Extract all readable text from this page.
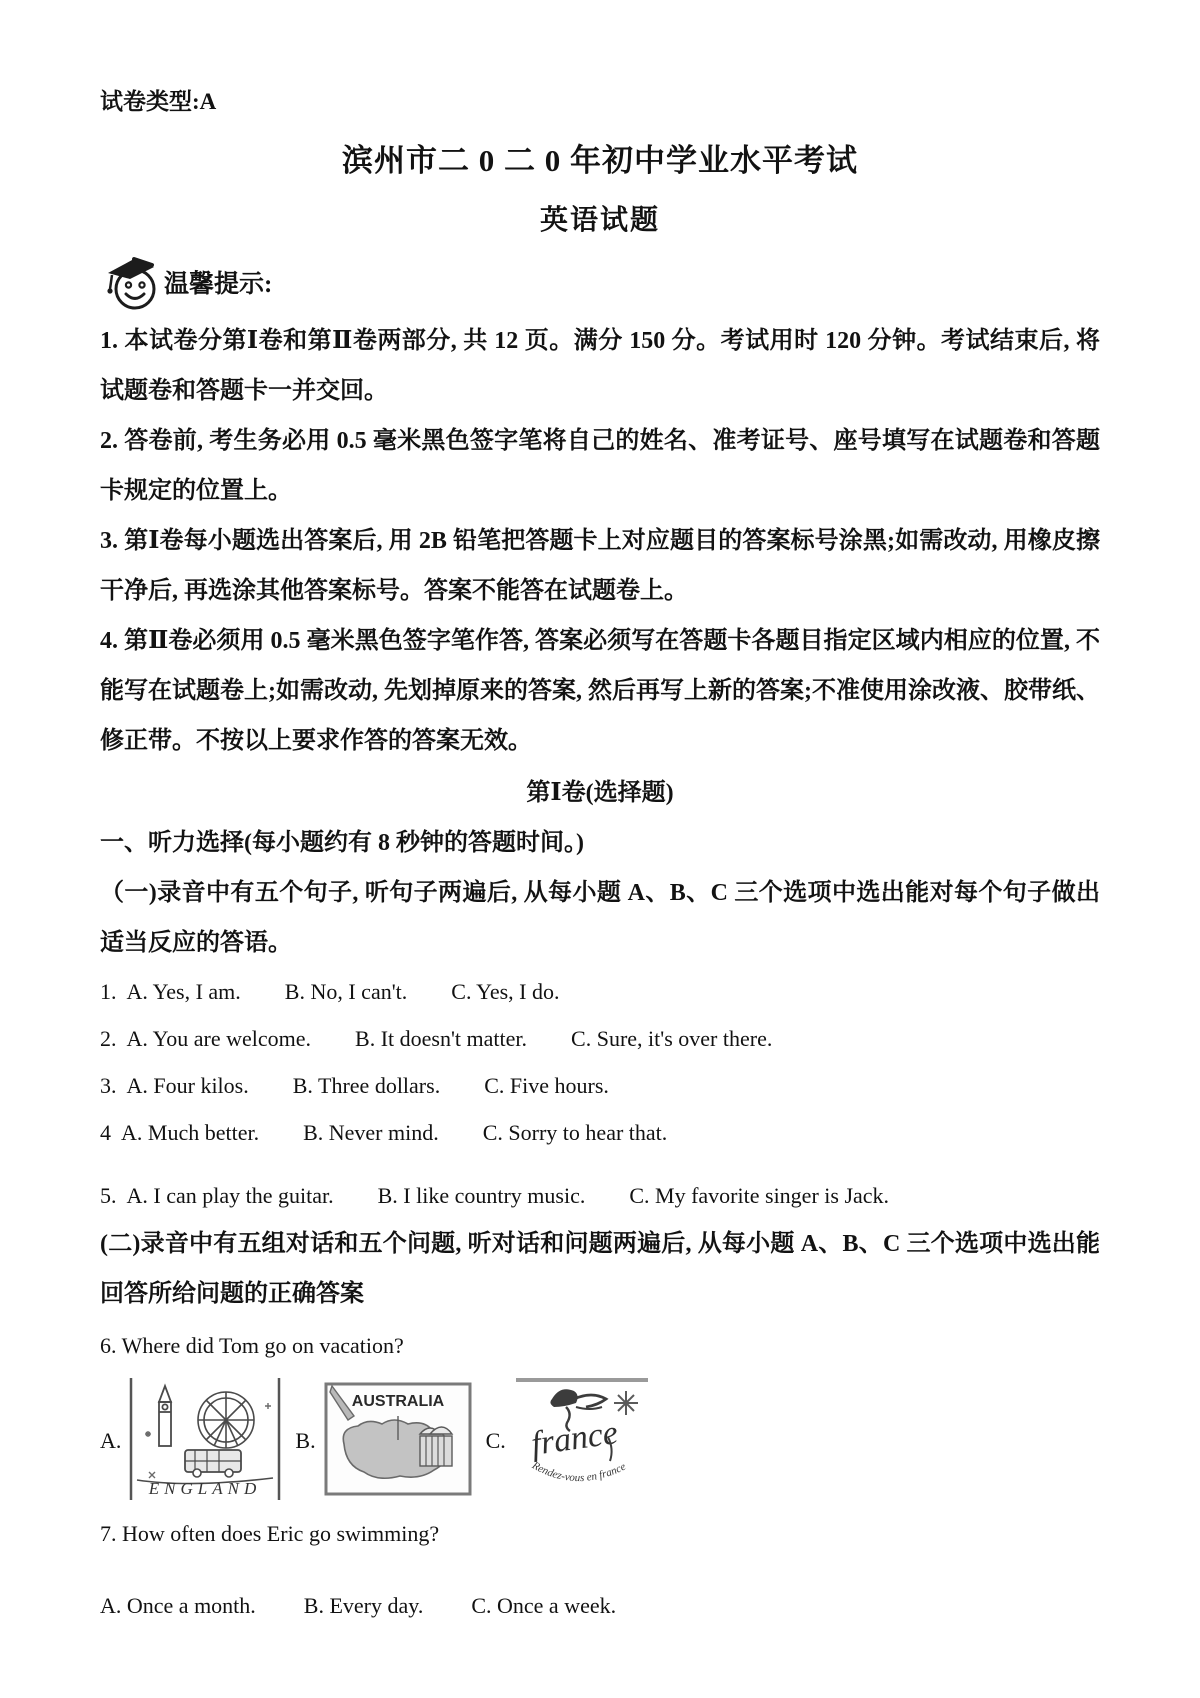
试卷类型:A
滨州市二 0 二 0 年初中学业水平考试
英语试题
温馨提示:

1. 本试卷分第Ⅰ卷和第Ⅱ卷两部分, 共 12 页。满分 150 分。考试用时 120 分钟。考试结束后, 将试题卷和答题卡一并交回。

2. 答卷前, 考生务必用 0.5 毫米黑色签字笔将自己的姓名、准考证号、座号填写在试题卷和答题卡规定的位置上。

3. 第Ⅰ卷每小题选出答案后, 用 2B 铅笔把答题卡上对应题目的答案标号涂黑;如需改动, 用橡皮擦干净后, 再选涂其他答案标号。答案不能答在试题卷上。

4. 第Ⅱ卷必须用 0.5 毫米黑色签字笔作答, 答案必须写在答题卡各题目指定区域内相应的位置, 不能写在试题卷上;如需改动, 先划掉原来的答案, 然后再写上新的答案;不准使用涂改液、胶带纸、修正带。不按以上要求作答的答案无效。

第Ⅰ卷(选择题)
一、听力选择(每小题约有 8 秒钟的答题时间。)

（一)录音中有五个句子, 听句子两遍后, 从每小题 A、B、C 三个选项中选出能对每个句子做出适当反应的答语。

1. A. Yes, I am. B. No, I can't. C. Yes, I do.
2. A. You are welcome. B. It doesn't matter. C. Sure, it's over there.
3. A. Four kilos. B. Three dollars. C. Five hours.
4 A. Much better. B. Never mind. C. Sorry to hear that.
5. A. I can play the guitar. B. I like country music. C. My favorite singer is Jack.

(二)录音中有五组对话和五个问题, 听对话和问题两遍后, 从每小题 A、B、C 三个选项中选出能回答所给问题的正确答案

6. Where did Tom go on vacation?
A.
ENGLAND
B.
AUSTRALIA
C. france
Rendez-vous en france
7. How often does Eric go swimming?
A. Once a month. B. Every day. C. Once a week.
